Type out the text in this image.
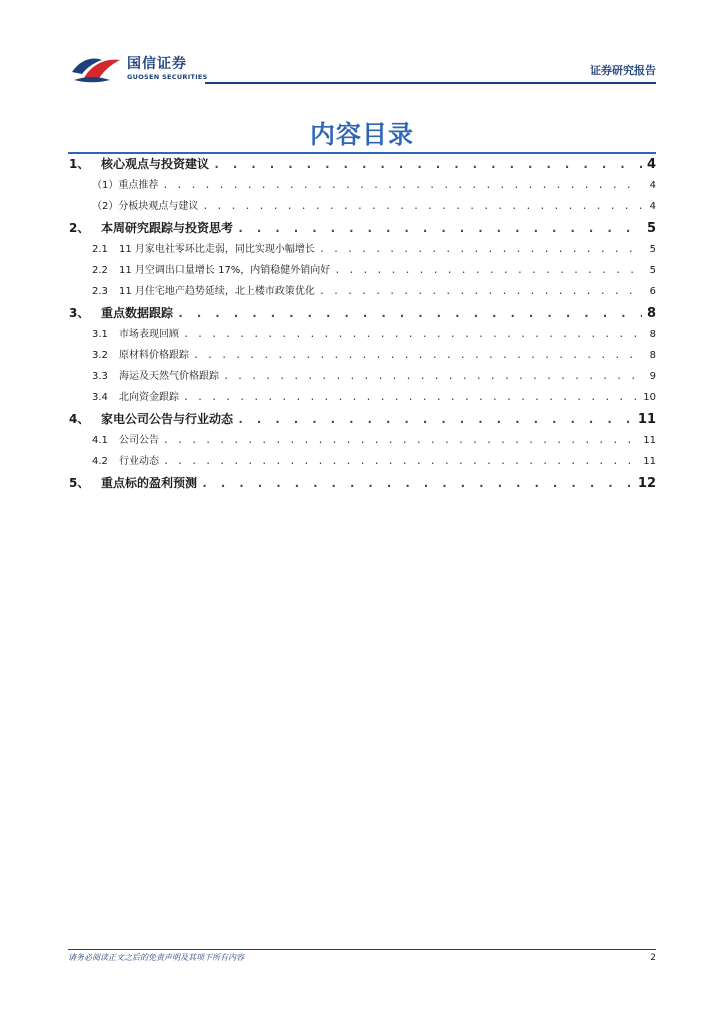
国信证券
GUOSEN SECURITIES	证券研究报告
内容目录
1、 核心观点与投资建议 . . .	4
（1）重点推荐 . . .	4
（2）分板块观点与建议 . . .	4
2、 本周研究跟踪与投资思考 . . .	5
2.1	11 月家电社零环比走弱，同比实现小幅增长 . . .	5
2.2	11 月空调出口量增长 17%，内销稳健外销向好 . . .	5
2.3	11 月住宅地产趋势延续，北上楼市政策优化 . . .	6
3、 重点数据跟踪 . . .	8
3.1	市场表现回顾 . . .	8
3.2	原材料价格跟踪 . . .	8
3.3	海运及天然气价格跟踪 . . .	9
3.4	北向资金跟踪 . . .	10
4、 家电公司公告与行业动态 . . .	11
4.1	公司公告 . . .	11
4.2	行业动态 . . .	11
5、 重点标的盈利预测 . . .	12
请务必阅读正文之后的免责声明及其项下所有内容	2
